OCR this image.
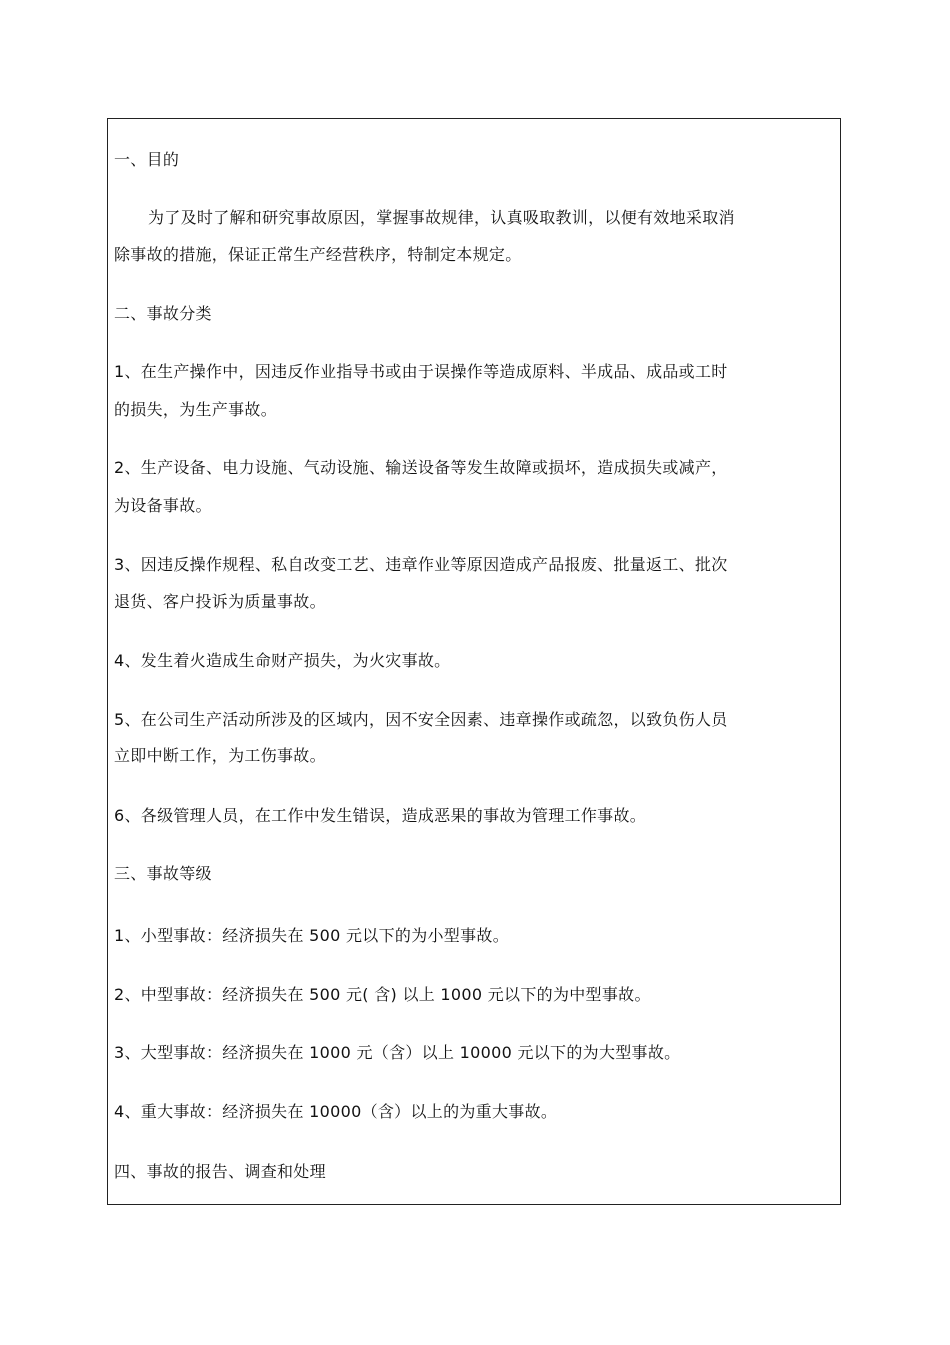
一、目的
为了及时了解和研究事故原因，掌握事故规律，认真吸取教训，以便有效地采取消
除事故的措施，保证正常生产经营秩序，特制定本规定。
二、事故分类
1、在生产操作中，因违反作业指导书或由于误操作等造成原料、半成品、成品或工时
的损失，为生产事故。
2、生产设备、电力设施、气动设施、输送设备等发生故障或损坏，造成损失或减产，
为设备事故。
3、因违反操作规程、私自改变工艺、违章作业等原因造成产品报废、批量返工、批次
退货、客户投诉为质量事故。
4、发生着火造成生命财产损失，为火灾事故。
5、在公司生产活动所涉及的区域内，因不安全因素、违章操作或疏忽，以致负伤人员
立即中断工作，为工伤事故。
6、各级管理人员，在工作中发生错误，造成恶果的事故为管理工作事故。
三、事故等级
1、小型事故：经济损失在 500 元以下的为小型事故。
2、中型事故：经济损失在 500 元( 含) 以上 1000 元以下的为中型事故。
3、大型事故：经济损失在 1000 元（含）以上 10000 元以下的为大型事故。
4、重大事故：经济损失在 10000（含）以上的为重大事故。
四、事故的报告、调查和处理
